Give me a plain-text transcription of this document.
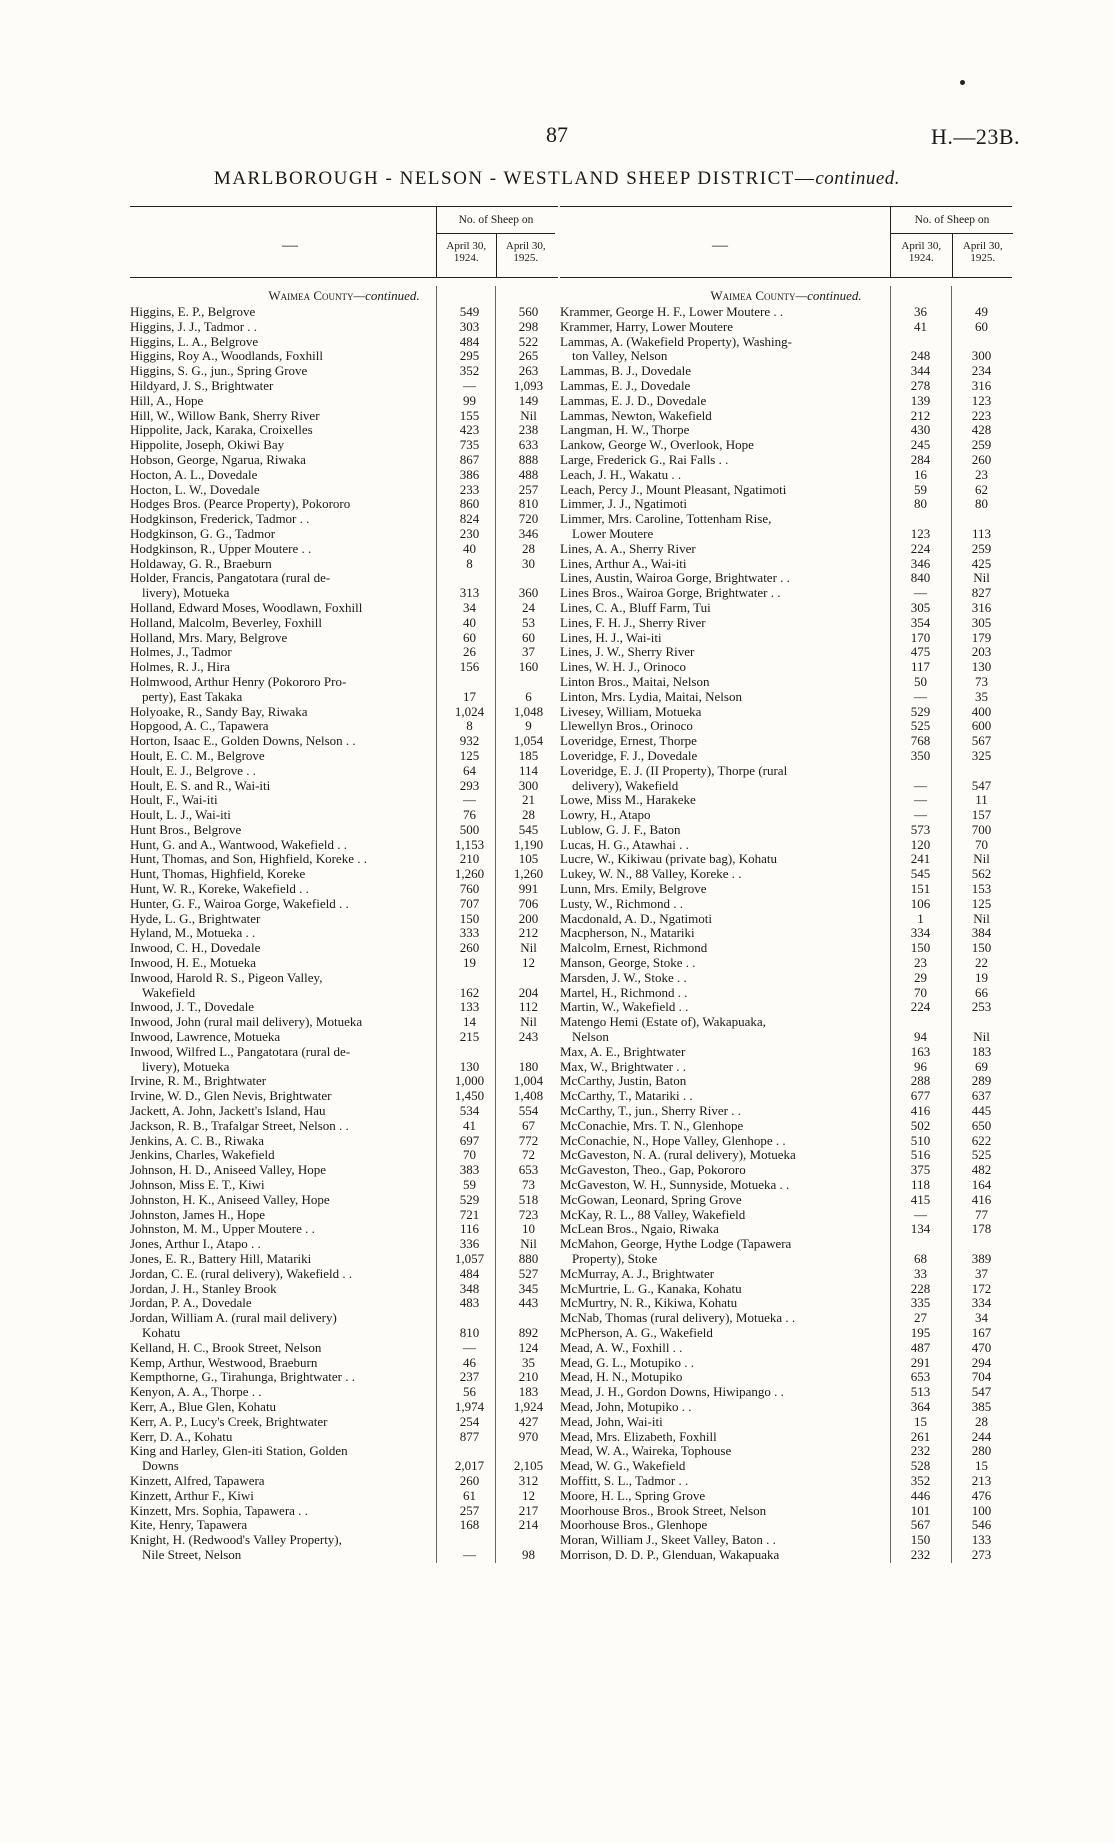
87	H.—23B.
MARLBOROUGH - NELSON - WESTLAND SHEEP DISTRICT—continued.
—
No. of Sheep on
April 30, 1924.
April 30, 1925.
Waimea County—continued.
Higgins, E. P., Belgrove	549	560
Higgins, J. J., Tadmor . .	303	298
Higgins, L. A., Belgrove	484	522
Higgins, Roy A., Woodlands, Foxhill	295	265
Higgins, S. G., jun., Spring Grove	352	263
Hildyard, J. S., Brightwater	—	1,093
Hill, A., Hope	99	149
Hill, W., Willow Bank, Sherry River	155	Nil
Hippolite, Jack, Karaka, Croixelles	423	238
Hippolite, Joseph, Okiwi Bay	735	633
Hobson, George, Ngarua, Riwaka	867	888
Hocton, A. L., Dovedale	386	488
Hocton, L. W., Dovedale	233	257
Hodges Bros. (Pearce Property), Pokororo	860	810
Hodgkinson, Frederick, Tadmor . .	824	720
Hodgkinson, G. G., Tadmor	230	346
Hodgkinson, R., Upper Moutere . .	40	28
Holdaway, G. R., Braeburn	8	30
Holder, Francis, Pangatotara (rural de-
livery), Motueka	313	360
Holland, Edward Moses, Woodlawn, Foxhill	34	24
Holland, Malcolm, Beverley, Foxhill	40	53
Holland, Mrs. Mary, Belgrove	60	60
Holmes, J., Tadmor	26	37
Holmes, R. J., Hira	156	160
Holmwood, Arthur Henry (Pokororo Pro-
perty), East Takaka	17	6
Holyoake, R., Sandy Bay, Riwaka	1,024	1,048
Hopgood, A. C., Tapawera	8	9
Horton, Isaac E., Golden Downs, Nelson . .	932	1,054
Hoult, E. C. M., Belgrove	125	185
Hoult, E. J., Belgrove . .	64	114
Hoult, E. S. and R., Wai-iti	293	300
Hoult, F., Wai-iti	—	21
Hoult, L. J., Wai-iti	76	28
Hunt Bros., Belgrove	500	545
Hunt, G. and A., Wantwood, Wakefield . .	1,153	1,190
Hunt, Thomas, and Son, Highfield, Koreke . .	210	105
Hunt, Thomas, Highfield, Koreke	1,260	1,260
Hunt, W. R., Koreke, Wakefield . .	760	991
Hunter, G. F., Wairoa Gorge, Wakefield . .	707	706
Hyde, L. G., Brightwater	150	200
Hyland, M., Motueka . .	333	212
Inwood, C. H., Dovedale	260	Nil
Inwood, H. E., Motueka	19	12
Inwood, Harold R. S., Pigeon Valley,
Wakefield	162	204
Inwood, J. T., Dovedale	133	112
Inwood, John (rural mail delivery), Motueka	14	Nil
Inwood, Lawrence, Motueka	215	243
Inwood, Wilfred L., Pangatotara (rural de-
livery), Motueka	130	180
Irvine, R. M., Brightwater	1,000	1,004
Irvine, W. D., Glen Nevis, Brightwater	1,450	1,408
Jackett, A. John, Jackett's Island, Hau	534	554
Jackson, R. B., Trafalgar Street, Nelson . .	41	67
Jenkins, A. C. B., Riwaka	697	772
Jenkins, Charles, Wakefield	70	72
Johnson, H. D., Aniseed Valley, Hope	383	653
Johnson, Miss E. T., Kiwi	59	73
Johnston, H. K., Aniseed Valley, Hope	529	518
Johnston, James H., Hope	721	723
Johnston, M. M., Upper Moutere . .	116	10
Jones, Arthur I., Atapo . .	336	Nil
Jones, E. R., Battery Hill, Matariki	1,057	880
Jordan, C. E. (rural delivery), Wakefield . .	484	527
Jordan, J. H., Stanley Brook	348	345
Jordan, P. A., Dovedale	483	443
Jordan, William A. (rural mail delivery)
Kohatu	810	892
Kelland, H. C., Brook Street, Nelson	—	124
Kemp, Arthur, Westwood, Braeburn	46	35
Kempthorne, G., Tirahunga, Brightwater . .	237	210
Kenyon, A. A., Thorpe . .	56	183
Kerr, A., Blue Glen, Kohatu	1,974	1,924
Kerr, A. P., Lucy's Creek, Brightwater	254	427
Kerr, D. A., Kohatu	877	970
King and Harley, Glen-iti Station, Golden
Downs	2,017	2,105
Kinzett, Alfred, Tapawera	260	312
Kinzett, Arthur F., Kiwi	61	12
Kinzett, Mrs. Sophia, Tapawera . .	257	217
Kite, Henry, Tapawera	168	214
Knight, H. (Redwood's Valley Property),
Nile Street, Nelson	—	98
—
No. of Sheep on
April 30, 1924.
April 30, 1925.
Waimea County—continued.
Krammer, George H. F., Lower Moutere . .	36	49
Krammer, Harry, Lower Moutere	41	60
Lammas, A. (Wakefield Property), Washing-
ton Valley, Nelson	248	300
Lammas, B. J., Dovedale	344	234
Lammas, E. J., Dovedale	278	316
Lammas, E. J. D., Dovedale	139	123
Lammas, Newton, Wakefield	212	223
Langman, H. W., Thorpe	430	428
Lankow, George W., Overlook, Hope	245	259
Large, Frederick G., Rai Falls . .	284	260
Leach, J. H., Wakatu . .	16	23
Leach, Percy J., Mount Pleasant, Ngatimoti	59	62
Limmer, J. J., Ngatimoti	80	80
Limmer, Mrs. Caroline, Tottenham Rise,
Lower Moutere	123	113
Lines, A. A., Sherry River	224	259
Lines, Arthur A., Wai-iti	346	425
Lines, Austin, Wairoa Gorge, Brightwater . .	840	Nil
Lines Bros., Wairoa Gorge, Brightwater . .	—	827
Lines, C. A., Bluff Farm, Tui	305	316
Lines, F. H. J., Sherry River	354	305
Lines, H. J., Wai-iti	170	179
Lines, J. W., Sherry River	475	203
Lines, W. H. J., Orinoco	117	130
Linton Bros., Maitai, Nelson	50	73
Linton, Mrs. Lydia, Maitai, Nelson	—	35
Livesey, William, Motueka	529	400
Llewellyn Bros., Orinoco	525	600
Loveridge, Ernest, Thorpe	768	567
Loveridge, F. J., Dovedale	350	325
Loveridge, E. J. (II Property), Thorpe (rural
delivery), Wakefield	—	547
Lowe, Miss M., Harakeke	—	11
Lowry, H., Atapo	—	157
Lublow, G. J. F., Baton	573	700
Lucas, H. G., Atawhai . .	120	70
Lucre, W., Kikiwau (private bag), Kohatu	241	Nil
Lukey, W. N., 88 Valley, Koreke . .	545	562
Lunn, Mrs. Emily, Belgrove	151	153
Lusty, W., Richmond . .	106	125
Macdonald, A. D., Ngatimoti	1	Nil
Macpherson, N., Matariki	334	384
Malcolm, Ernest, Richmond	150	150
Manson, George, Stoke . .	23	22
Marsden, J. W., Stoke . .	29	19
Martel, H., Richmond . .	70	66
Martin, W., Wakefield . .	224	253
Matengo Hemi (Estate of), Wakapuaka,
Nelson	94	Nil
Max, A. E., Brightwater	163	183
Max, W., Brightwater . .	96	69
McCarthy, Justin, Baton	288	289
McCarthy, T., Matariki . .	677	637
McCarthy, T., jun., Sherry River . .	416	445
McConachie, Mrs. T. N., Glenhope	502	650
McConachie, N., Hope Valley, Glenhope . .	510	622
McGaveston, N. A. (rural delivery), Motueka	516	525
McGaveston, Theo., Gap, Pokororo	375	482
McGaveston, W. H., Sunnyside, Motueka . .	118	164
McGowan, Leonard, Spring Grove	415	416
McKay, R. L., 88 Valley, Wakefield	—	77
McLean Bros., Ngaio, Riwaka	134	178
McMahon, George, Hythe Lodge (Tapawera
Property), Stoke	68	389
McMurray, A. J., Brightwater	33	37
McMurtrie, L. G., Kanaka, Kohatu	228	172
McMurtry, N. R., Kikiwa, Kohatu	335	334
McNab, Thomas (rural delivery), Motueka . .	27	34
McPherson, A. G., Wakefield	195	167
Mead, A. W., Foxhill . .	487	470
Mead, G. L., Motupiko . .	291	294
Mead, H. N., Motupiko	653	704
Mead, J. H., Gordon Downs, Hiwipango . .	513	547
Mead, John, Motupiko . .	364	385
Mead, John, Wai-iti	15	28
Mead, Mrs. Elizabeth, Foxhill	261	244
Mead, W. A., Waireka, Tophouse	232	280
Mead, W. G., Wakefield	528	15
Moffitt, S. L., Tadmor . .	352	213
Moore, H. L., Spring Grove	446	476
Moorhouse Bros., Brook Street, Nelson	101	100
Moorhouse Bros., Glenhope	567	546
Moran, William J., Skeet Valley, Baton . .	150	133
Morrison, D. D. P., Glenduan, Wakapuaka	232	273
